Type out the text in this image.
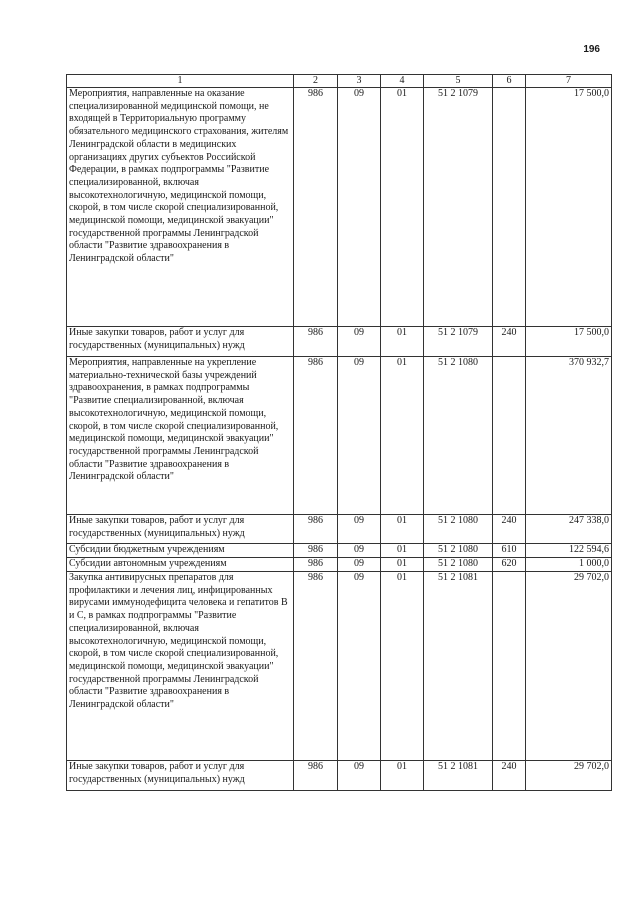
196
1	2	3	4	5	6	7
Мероприятия, направленные на оказание специализированной медицинской помощи, не входящей в Территориальную программу обязательного медицинского страхования, жителям Ленинградской области в медицинских организациях других субъектов Российской Федерации, в рамках подпрограммы "Развитие специализированной, включая высокотехнологичную, медицинской помощи, скорой, в том числе скорой специализированной, медицинской помощи, медицинской эвакуации" государственной программы Ленинградской области "Развитие здравоохранения в Ленинградской области"	986	09	01	51 2 1079		17 500,0
Иные закупки товаров, работ и услуг для государственных (муниципальных) нужд	986	09	01	51 2 1079	240	17 500,0
Мероприятия, направленные на укрепление материально-технической базы учреждений здравоохранения, в рамках подпрограммы "Развитие специализированной, включая высокотехнологичную, медицинской помощи, скорой, в том числе скорой специализированной, медицинской помощи, медицинской эвакуации" государственной программы Ленинградской области "Развитие здравоохранения в Ленинградской области"	986	09	01	51 2 1080		370 932,7
Иные закупки товаров, работ и услуг для государственных (муниципальных) нужд	986	09	01	51 2 1080	240	247 338,0
Субсидии бюджетным учреждениям	986	09	01	51 2 1080	610	122 594,6
Субсидии автономным учреждениям	986	09	01	51 2 1080	620	1 000,0
Закупка антивирусных препаратов для профилактики и лечения лиц, инфицированных вирусами иммунодефицита человека и гепатитов В и С, в рамках подпрограммы "Развитие специализированной, включая высокотехнологичную, медицинской помощи, скорой, в том числе скорой специализированной, медицинской помощи, медицинской эвакуации" государственной программы Ленинградской области "Развитие здравоохранения в Ленинградской области"	986	09	01	51 2 1081		29 702,0
Иные закупки товаров, работ и услуг для государственных (муниципальных) нужд	986	09	01	51 2 1081	240	29 702,0
